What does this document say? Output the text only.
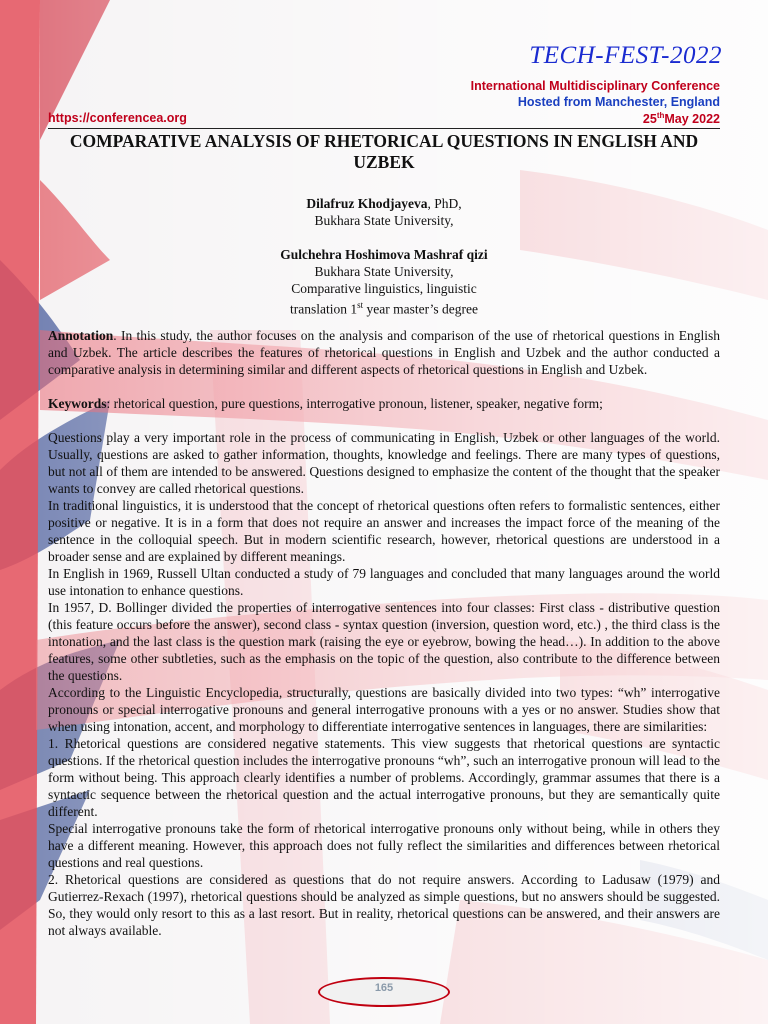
TECH-FEST-2022
International Multidisciplinary Conference
Hosted from Manchester, England
https://conferencea.org	25thMay 2022
COMPARATIVE ANALYSIS OF RHETORICAL QUESTIONS IN ENGLISH AND UZBEK
Dilafruz Khodjayeva, PhD,
Bukhara State University,
Gulchehra Hoshimova Mashraf qizi
Bukhara State University,
Comparative linguistics, linguistic
translation 1st year master’s degree

Annotation. In this study, the author focuses on the analysis and comparison of the use of rhetorical questions in English and Uzbek. The article describes the features of rhetorical questions in English and Uzbek and the author conducted a comparative analysis in determining similar and different aspects of rhetorical questions in English and Uzbek.

Keywords: rhetorical question, pure questions, interrogative pronoun, listener, speaker, negative form;

Questions play a very important role in the process of communicating in English, Uzbek or other languages of the world. Usually, questions are asked to gather information, thoughts, knowledge and feelings. There are many types of questions, but not all of them are intended to be answered. Questions designed to emphasize the content of the thought that the speaker wants to convey are called rhetorical questions.

In traditional linguistics, it is understood that the concept of rhetorical questions often refers to formalistic sentences, either positive or negative. It is in a form that does not require an answer and increases the impact force of the meaning of the sentence in the colloquial speech. But in modern scientific research, however, rhetorical questions are understood in a broader sense and are explained by different meanings.

In English in 1969, Russell Ultan conducted a study of 79 languages and concluded that many languages around the world use intonation to enhance questions.

In 1957, D. Bollinger divided the properties of interrogative sentences into four classes: First class - distributive question (this feature occurs before the answer), second class - syntax question (inversion, question word, etc.) , the third class is the intonation, and the last class is the question mark (raising the eye or eyebrow, bowing the head…). In addition to the above features, some other subtleties, such as the emphasis on the topic of the question, also contribute to the difference between the questions.

According to the Linguistic Encyclopedia, structurally, questions are basically divided into two types: “wh” interrogative pronouns or special interrogative pronouns and general interrogative pronouns with a yes or no answer. Studies show that when using intonation, accent, and morphology to differentiate interrogative sentences in languages, there are similarities:

1. Rhetorical questions are considered negative statements. This view suggests that rhetorical questions are syntactic questions. If the rhetorical question includes the interrogative pronouns “wh”, such an interrogative pronoun will lead to the form without being. This approach clearly identifies a number of problems. Accordingly, grammar assumes that there is a syntactic sequence between the rhetorical question and the actual interrogative pronouns, but they are semantically quite different.

Special interrogative pronouns take the form of rhetorical interrogative pronouns only without being, while in others they have a different meaning. However, this approach does not fully reflect the similarities and differences between rhetorical questions and real questions.

2. Rhetorical questions are considered as questions that do not require answers. According to Ladusaw (1979) and Gutierrez-Rexach (1997), rhetorical questions should be analyzed as simple questions, but no answers should be suggested. So, they would only resort to this as a last resort. But in reality, rhetorical questions can be answered, and their answers are not always available.

165
